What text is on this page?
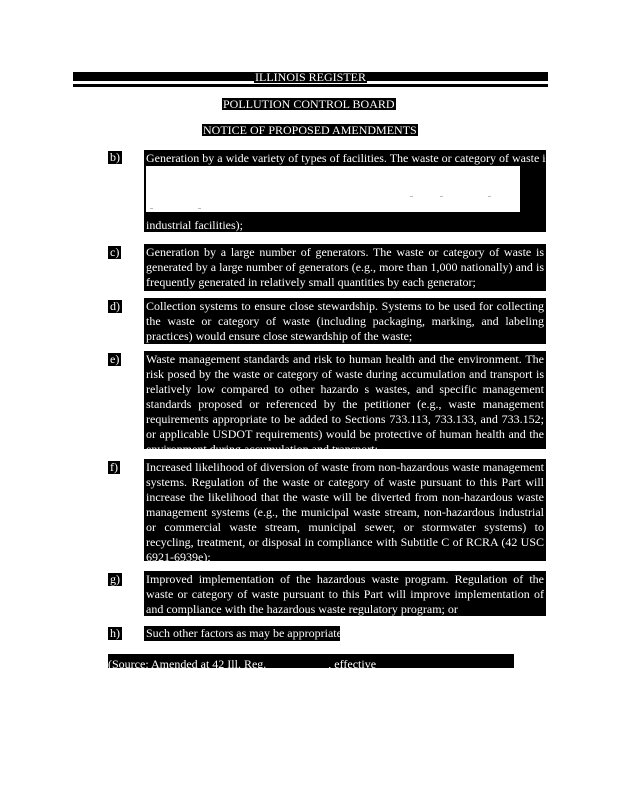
ILLINOIS REGISTER
POLLUTION CONTROL BOARD
NOTICE OF PROPOSED AMENDMENTS
b) Generation by a wide variety of types of facilities. The waste or category of waste is
industrial facilities);
c) Generation by a large number of generators. The waste or category of waste is generated by a large number of generators (e.g., more than 1,000 nationally) and is frequently generated in relatively small quantities by each generator;
d) Collection systems to ensure close stewardship. Systems to be used for collecting the waste or category of waste (including packaging, marking, and labeling practices) would ensure close stewardship of the waste;
e) Waste management standards and risk to human health and the environment. The risk posed by the waste or category of waste during accumulation and transport is relatively low compared to other hazardo s wastes, and specific management standards proposed or referenced by the petitioner (e.g., waste management requirements appropriate to be added to Sections 733.113, 733.133, and 733.152; or applicable USDOT requirements) would be protective of human health and the environment during accumulation and transport;
f) Increased likelihood of diversion of waste from non-hazardous waste management systems. Regulation of the waste or category of waste pursuant to this Part will increase the likelihood that the waste will be diverted from non-hazardous waste management systems (e.g., the municipal waste stream, non-hazardous industrial or commercial waste stream, municipal sewer, or stormwater systems) to recycling, treatment, or disposal in compliance with Subtitle C of RCRA (42 USC 6921-6939e);
g) Improved implementation of the hazardous waste program. Regulation of the waste or category of waste pursuant to this Part will improve implementation of and compliance with the hazardous waste regulatory program; or
h) Such other factors as may be appropriate.
(Source: Amended at 42 Ill. Reg.	, effective	)
